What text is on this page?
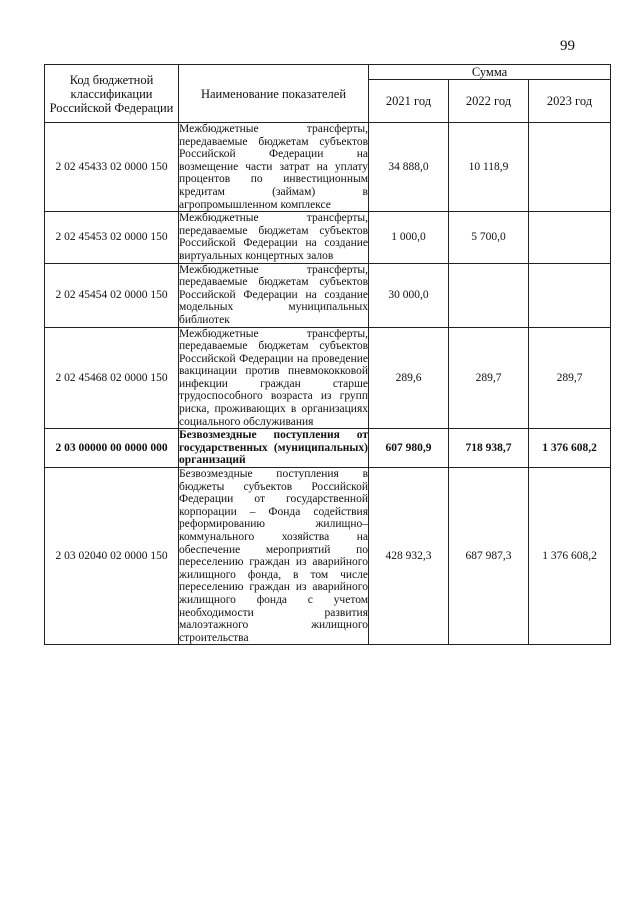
99
Код бюджетной классификации Российской Федерации	Наименование показателей	Сумма		
		2021 год	2022 год	2023 год
2 02 45433 02 0000 150	Межбюджетные трансферты, передаваемые бюджетам субъектов Российской Федерации на возмещение части затрат на уплату процентов по инвестиционным кредитам (займам) в агропромышленном комплексе	34 888,0	10 118,9	
2 02 45453 02 0000 150	Межбюджетные трансферты, передаваемые бюджетам субъектов Российской Федерации на создание виртуальных концертных залов	1 000,0	5 700,0	
2 02 45454 02 0000 150	Межбюджетные трансферты, передаваемые бюджетам субъектов Российской Федерации на создание модельных муниципальных библиотек	30 000,0		
2 02 45468 02 0000 150	Межбюджетные трансферты, передаваемые бюджетам субъектов Российской Федерации на проведение вакцинации против пневмококковой инфекции граждан старше трудоспособного возраста из групп риска, проживающих в организациях социального обслуживания	289,6	289,7	289,7
2 03 00000 00 0000 000	Безвозмездные поступления от государственных (муниципальных) организаций	607 980,9	718 938,7	1 376 608,2
2 03 02040 02 0000 150	Безвозмездные поступления в бюджеты субъектов Российской Федерации от государственной корпорации – Фонда содействия реформированию жилищно–коммунального хозяйства на обеспечение мероприятий по переселению граждан из аварийного жилищного фонда, в том числе переселению граждан из аварийного жилищного фонда с учетом необходимости развития малоэтажного жилищного строительства	428 932,3	687 987,3	1 376 608,2
